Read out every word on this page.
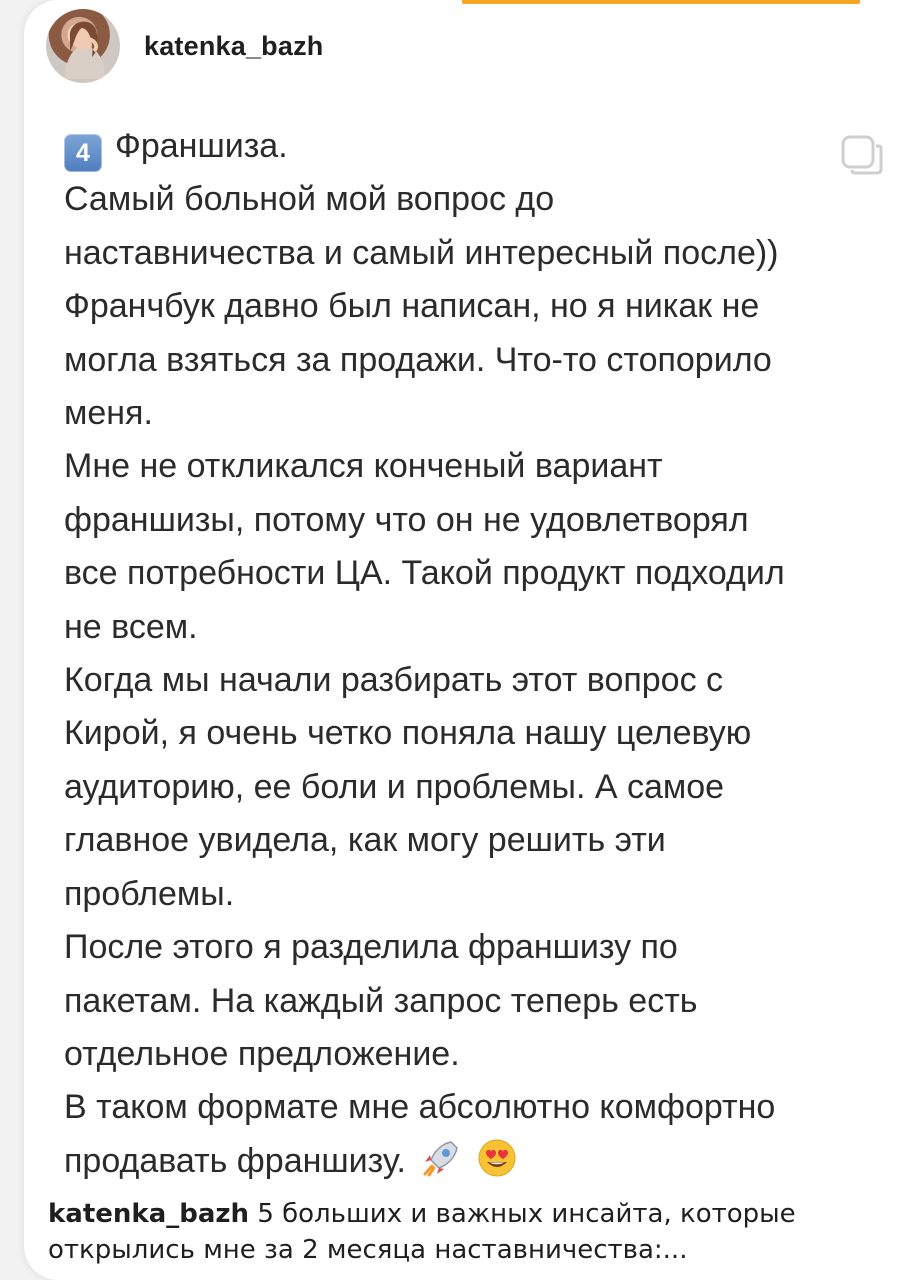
katenka_bazh
4 Франшиза.
Самый больной мой вопрос до
наставничества и самый интересный после))
Франчбук давно был написан, но я никак не
могла взяться за продажи. Что-то стопорило
меня.
Мне не откликался конченый вариант
франшизы, потому что он не удовлетворял
все потребности ЦА. Такой продукт подходил
не всем.
Когда мы начали разбирать этот вопрос с
Кирой, я очень четко поняла нашу целевую
аудиторию, ее боли и проблемы. А самое
главное увидела, как могу решить эти
проблемы.
После этого я разделила франшизу по
пакетам. На каждый запрос теперь есть
отдельное предложение.
В таком формате мне абсолютно комфортно
продавать франшизу.
katenka_bazh 5 больших и важных инсайта, которые
открылись мне за 2 месяца наставничества:...
